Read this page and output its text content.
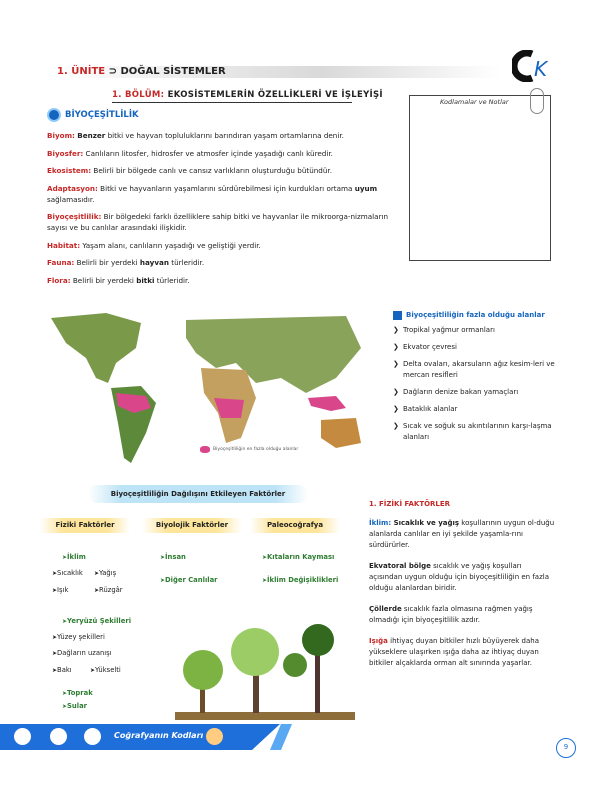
1. ÜNİTE ⊃ DOĞAL SİSTEMLER	K
1. BÖLÜM: EKOSİSTEMLERİN ÖZELLİKLERİ VE İŞLEYİŞİ
BİYOÇEŞİTLİLİK

Biyom: Benzer bitki ve hayvan topluluklarını barındıran yaşam ortamlarına denir.

Biyosfer: Canlıların litosfer, hidrosfer ve atmosfer içinde yaşadığı canlı küredir.

Ekosistem: Belirli bir bölgede canlı ve cansız varlıkların oluşturduğu bütündür.

Adaptasyon: Bitki ve hayvanların yaşamlarını sürdürebilmesi için kurdukları ortama uyum sağlamasıdır.

Biyoçeşitlilik: Bir bölgedeki farklı özelliklere sahip bitki ve hayvanlar ile mikroorga-nizmaların sayısı ve bu canlılar arasındaki ilişkidir.

Habitat: Yaşam alanı, canlıların yaşadığı ve geliştiği yerdir.

Fauna: Belirli bir yerdeki hayvan türleridir.

Flora: Belirli bir yerdeki bitki türleridir.

Kodlamalar ve Notlar
Biyoçeşitliliğin en fazla olduğu alanlar
Biyoçeşitliliğin fazla olduğu alanlar
❯ Tropikal yağmur ormanları
❯ Ekvator çevresi
❯ Delta ovaları, akarsuların ağız kesim-leri ve mercan resifleri
❯ Dağların denize bakan yamaçları
❯ Bataklık alanlar
❯ Sıcak ve soğuk su akıntılarının karşı-laşma alanları
Biyoçeşitliliğin Dağılışını Etkileyen Faktörler
Fiziki Faktörler	Biyolojik Faktörler	Paleocoğrafya
➤ İklim
➤ Sıcaklık	➤ Yağış
➤ Işık	➤ Rüzgâr
➤ Yeryüzü Şekilleri
➤ Yüzey şekilleri
➤ Dağların uzanışı
➤ Bakı	➤ Yükselti
➤ Toprak
➤ Sular
➤ İnsan
➤ Diğer Canlılar
➤ Kıtaların Kayması
➤ İklim Değişiklikleri
1. FİZİKİ FAKTÖRLER

İklim: Sıcaklık ve yağış koşullarının uygun ol-duğu alanlarda canlılar en iyi şekilde yaşamla-rını sürdürürler.

Ekvatoral bölge sıcaklık ve yağış koşulları açısından uygun olduğu için biyoçeşitliliğin en fazla olduğu alanlardan biridir.

Çöllerde sıcaklık fazla olmasına rağmen yağış olmadığı için biyoçeşitlilik azdır.

Işığa ihtiyaç duyan bitkiler hızlı büyüyerek daha yükseklere ulaşırken ışığa daha az ihtiyaç duyan bitkiler alçaklarda orman alt sınırında yaşarlar.

Coğrafyanın Kodları
9
